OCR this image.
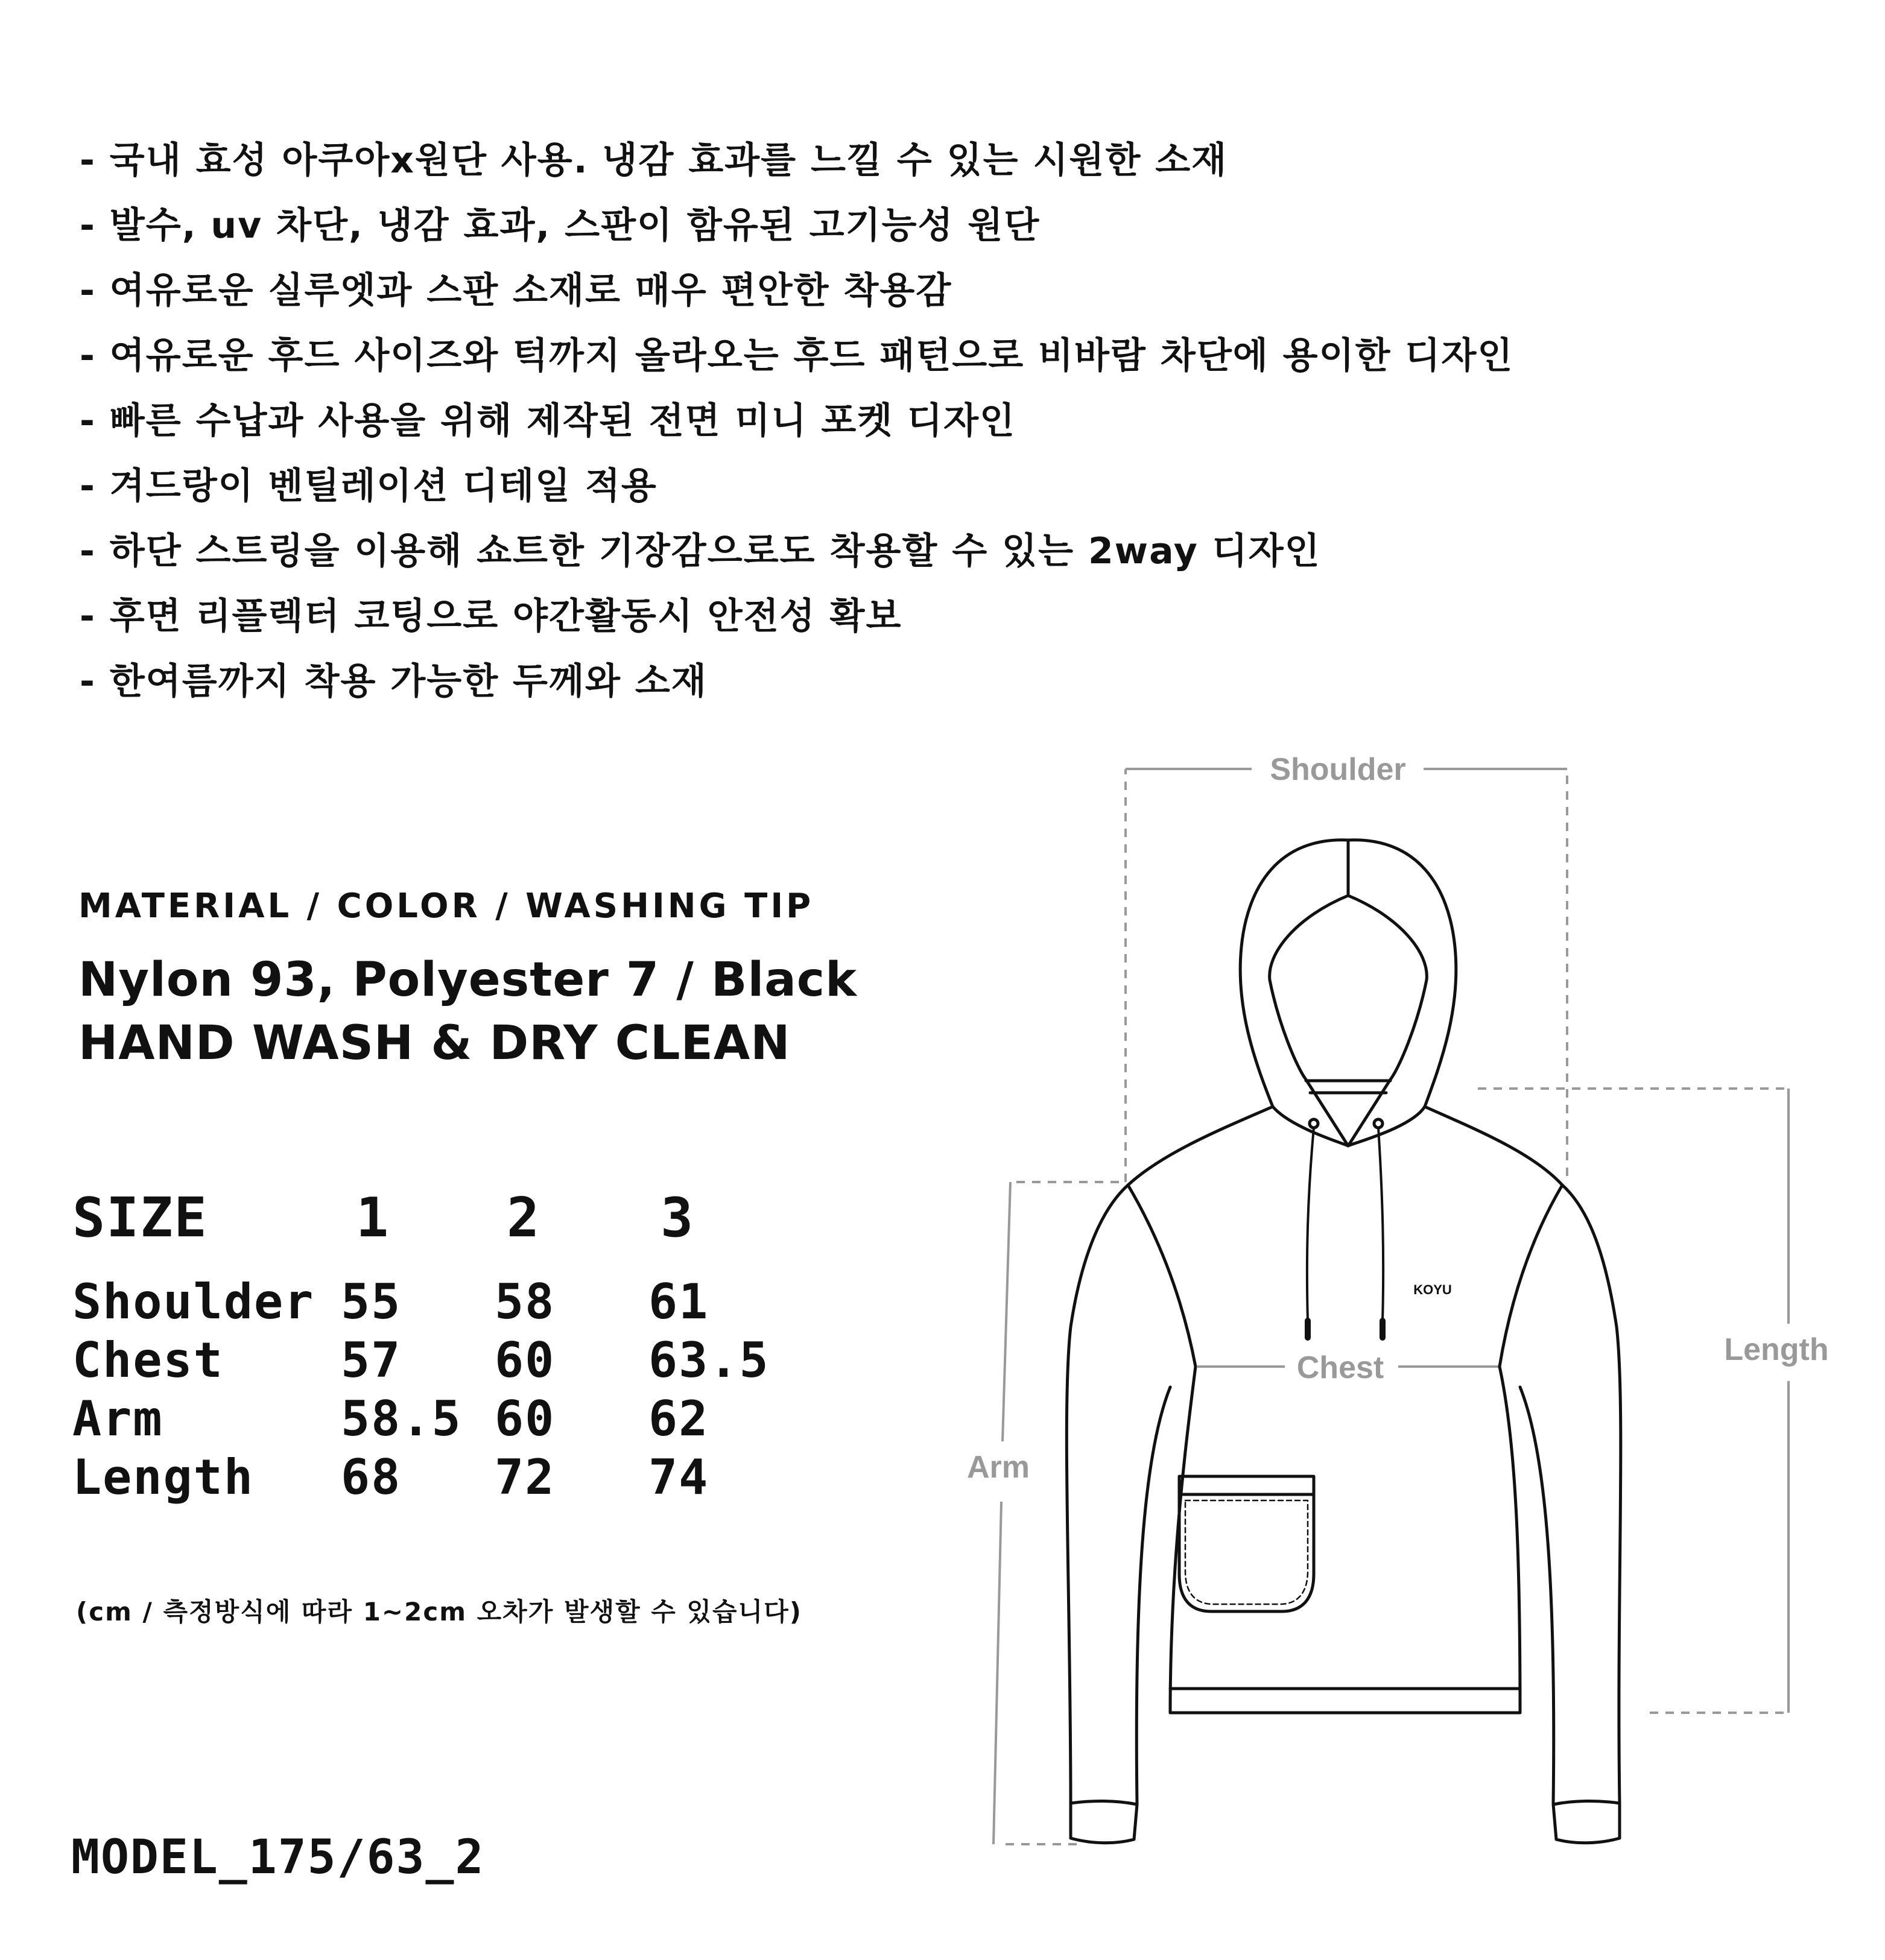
- 국내 효성 아쿠아x원단 사용. 냉감 효과를 느낄 수 있는 시원한 소재
- 발수, uv 차단, 냉감 효과, 스판이 함유된 고기능성 원단
- 여유로운 실루엣과 스판 소재로 매우 편안한 착용감
- 여유로운 후드 사이즈와 턱까지 올라오는 후드 패턴으로 비바람 차단에 용이한 디자인
- 빠른 수납과 사용을 위해 제작된 전면 미니 포켓 디자인
- 겨드랑이 벤틸레이션 디테일 적용
- 하단 스트링을 이용해 쇼트한 기장감으로도 착용할 수 있는 2way 디자인
- 후면 리플렉터 코팅으로 야간활동시 안전성 확보
- 한여름까지 착용 가능한 두께와 소재
MATERIAL / COLOR / WASHING TIP
Nylon 93, Polyester 7 / Black
HAND WASH & DRY CLEAN
SIZE	1 2 3
Shoulder 55 58 61
Chest 57 60 63.5
Arm	58.5 60 62
Length 68 72 74
(cm / 측정방식에 따라 1~2cm 오차가 발생할 수 있습니다)
MODEL_175/63_2
Shoulder
Chest
Length
Arm
KOYU
